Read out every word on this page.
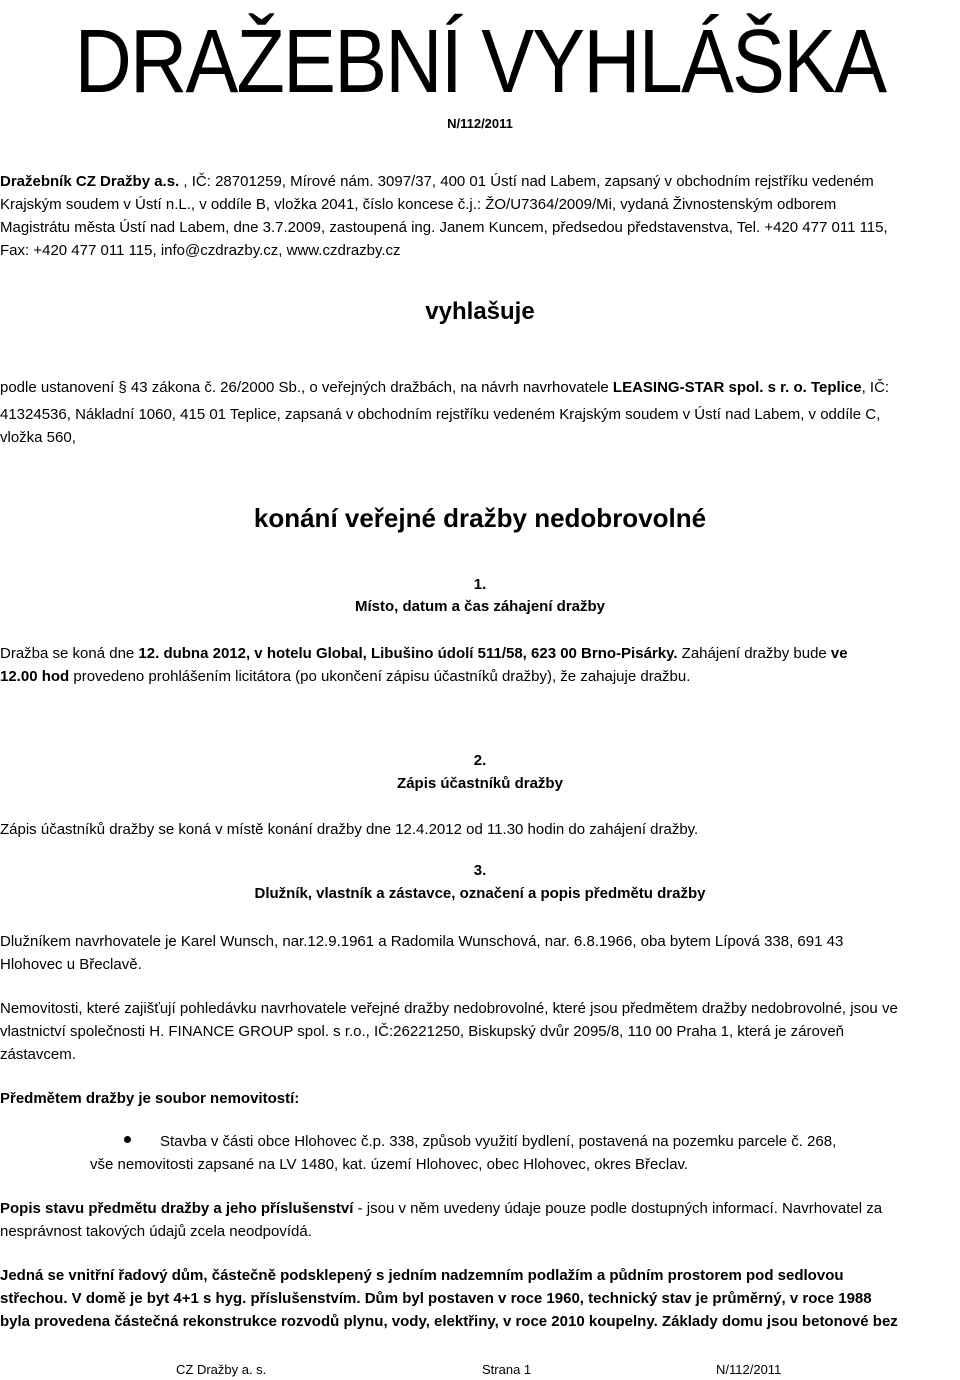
DRAŽEBNÍ VYHLÁŠKA
N/112/2011
Dražebník CZ Dražby a.s. , IČ: 28701259, Mírové nám. 3097/37, 400 01 Ústí nad Labem, zapsaný v obchodním rejstříku vedeném
Krajským soudem v Ústí n.L., v oddíle B, vložka 2041, číslo koncese č.j.: ŽO/U7364/2009/Mi, vydaná Živnostenským odborem
Magistrátu města Ústí nad Labem, dne 3.7.2009, zastoupená ing. Janem Kuncem, předsedou představenstva, Tel. +420 477 011 115,
Fax: +420 477 011 115, info@czdrazby.cz, www.czdrazby.cz
vyhlašuje
podle ustanovení § 43 zákona č. 26/2000 Sb., o veřejných dražbách, na návrh navrhovatele LEASING-STAR spol. s r. o. Teplice, IČ:
41324536, Nákladní 1060, 415 01 Teplice, zapsaná v obchodním rejstříku vedeném Krajským soudem v Ústí nad Labem, v oddíle C,
vložka 560,
konání veřejné dražby nedobrovolné
1.
Místo, datum a čas záhajení dražby
Dražba se koná dne 12. dubna 2012, v hotelu Global, Libušino údolí 511/58, 623 00 Brno-Pisárky. Zahájení dražby bude ve
12.00 hod provedeno prohlášením licitátora (po ukončení zápisu účastníků dražby), že zahajuje dražbu.
2.
Zápis účastníků dražby
Zápis účastníků dražby se koná v místě konání dražby dne 12.4.2012 od 11.30 hodin do zahájení dražby.
3.
Dlužník, vlastník a zástavce, označení a popis předmětu dražby
Dlužníkem navrhovatele je Karel Wunsch, nar.12.9.1961 a Radomila Wunschová, nar. 6.8.1966, oba bytem Lípová 338, 691 43
Hlohovec u Břeclavě.
Nemovitosti, které zajišťují pohledávku navrhovatele veřejné dražby nedobrovolné, které jsou předmětem dražby nedobrovolné, jsou ve
vlastnictví společnosti H. FINANCE GROUP spol. s r.o., IČ:26221250, Biskupský dvůr 2095/8, 110 00 Praha 1, která je zároveň
zástavcem.
Předmětem dražby je soubor nemovitostí:
Stavba v části obce Hlohovec č.p. 338, způsob využití bydlení, postavená na pozemku parcele č. 268,
vše nemovitosti zapsané na LV 1480, kat. území Hlohovec, obec Hlohovec, okres Břeclav.
Popis stavu předmětu dražby a jeho příslušenství - jsou v něm uvedeny údaje pouze podle dostupných informací. Navrhovatel za
nesprávnost takových údajů zcela neodpovídá.
Jedná se vnitřní řadový dům, částečně podsklepený s jedním nadzemním podlažím a půdním prostorem pod sedlovou
střechou. V domě je byt 4+1 s hyg. příslušenstvím. Dům byl postaven v roce 1960, technický stav je průměrný, v roce 1988
byla provedena částečná rekonstrukce rozvodů plynu, vody, elektřiny, v roce 2010 koupelny. Základy domu jsou betonové bez
CZ Dražby a. s.	Strana 1	N/112/2011
